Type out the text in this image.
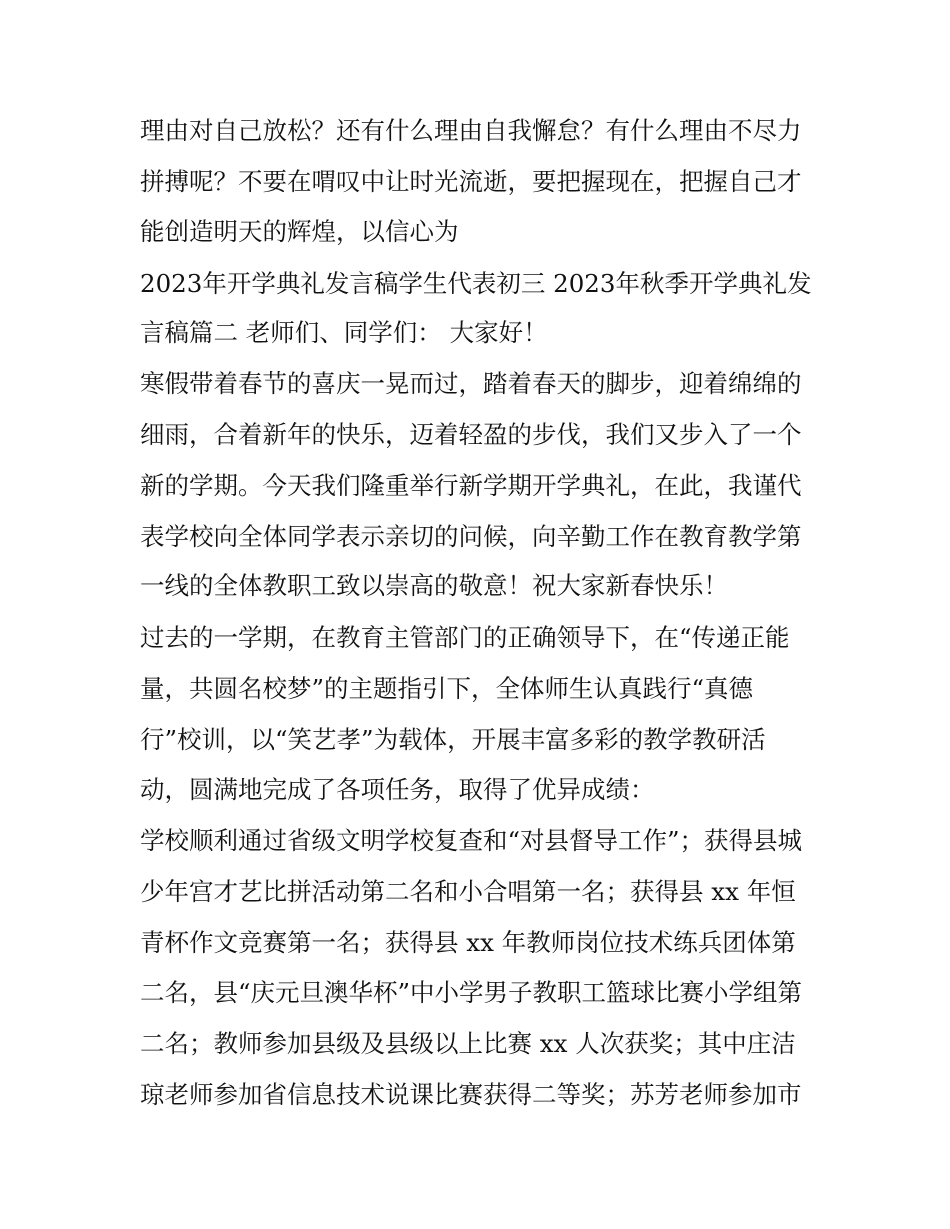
理由对自己放松？还有什么理由自我懈怠？有什么理由不尽力
拼搏呢？不要在喟叹中让时光流逝，要把握现在，把握自己才
能创造明天的辉煌，以信心为
2023年开学典礼发言稿学生代表初三 2023年秋季开学典礼发
言稿篇二 老师们、同学们： 大家好！
寒假带着春节的喜庆一晃而过，踏着春天的脚步，迎着绵绵的
细雨，合着新年的快乐，迈着轻盈的步伐，我们又步入了一个
新的学期。今天我们隆重举行新学期开学典礼，在此，我谨代
表学校向全体同学表示亲切的问候，向辛勤工作在教育教学第
一线的全体教职工致以崇高的敬意！祝大家新春快乐！
过去的一学期，在教育主管部门的正确领导下，在“传递正能
量，共圆名校梦”的主题指引下，全体师生认真践行“真德
行”校训，以“笑艺孝”为载体，开展丰富多彩的教学教研活
动，圆满地完成了各项任务，取得了优异成绩：
学校顺利通过省级文明学校复查和“对县督导工作”；获得县城
少年宫才艺比拼活动第二名和小合唱第一名；获得县 xx 年恒
青杯作文竞赛第一名；获得县 xx 年教师岗位技术练兵团体第
二名，县“庆元旦澳华杯”中小学男子教职工篮球比赛小学组第
二名；教师参加县级及县级以上比赛 xx 人次获奖；其中庄洁
琼老师参加省信息技术说课比赛获得二等奖；苏芳老师参加市
